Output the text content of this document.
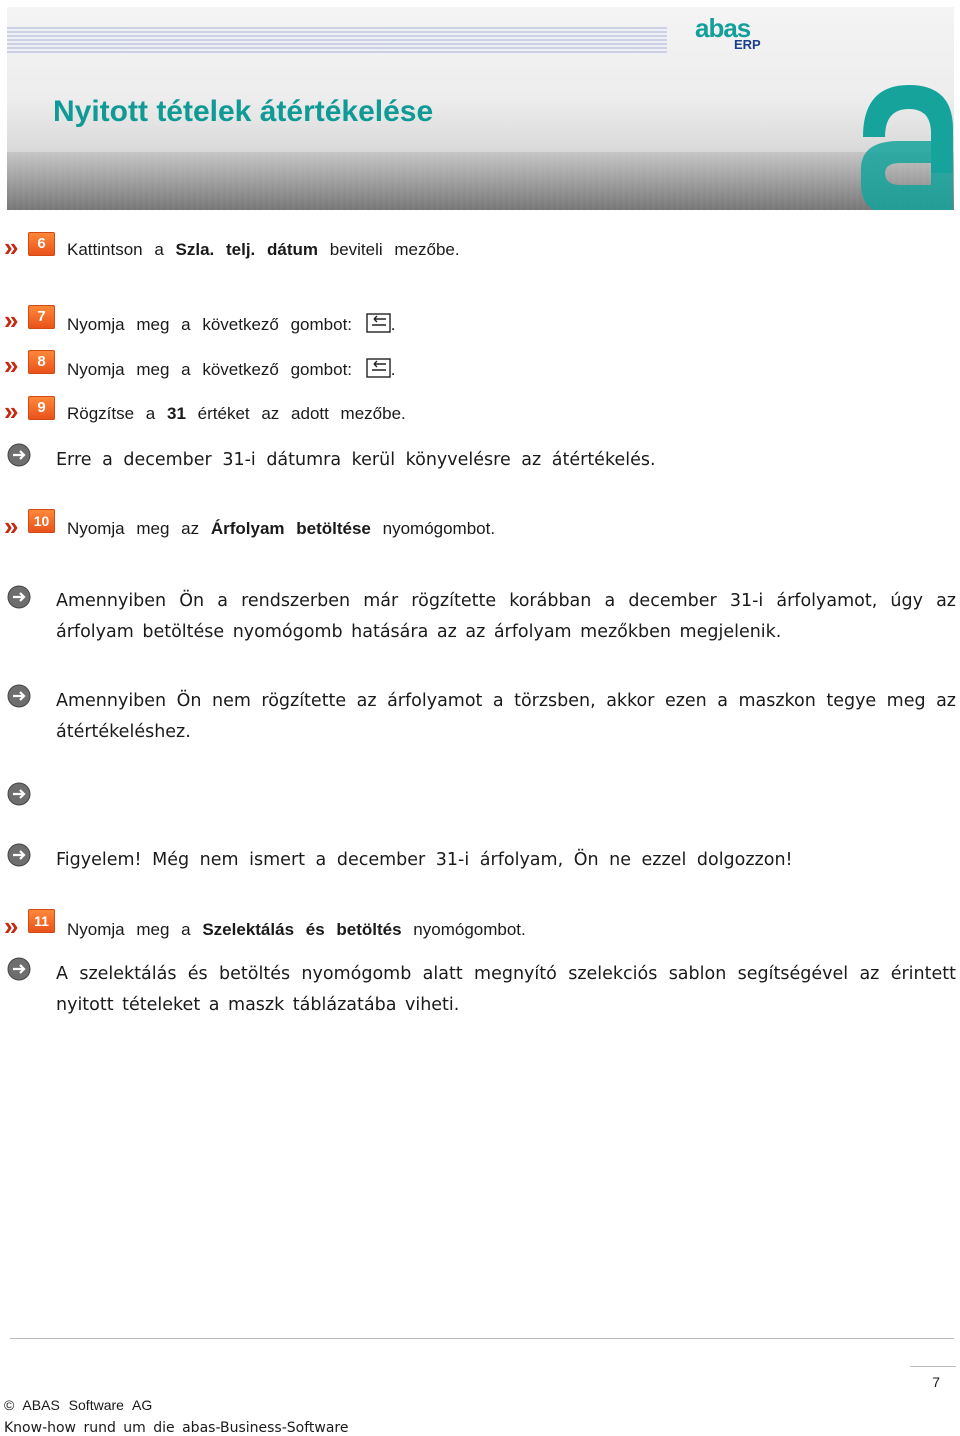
abas
ERP
Nyitott tételek átértékelése
»	6	Kattintson a Szla. telj. dátum beviteli mezőbe.
»	7	Nyomja meg a következő gombot: .
»	8	Nyomja meg a következő gombot: .
»	9	Rögzítse a 31 értéket az adott mezőbe.
Erre a december 31-i dátumra kerül könyvelésre az átértékelés.
»	10	Nyomja meg az Árfolyam betöltése nyomógombot.
Amennyiben Ön a rendszerben már rögzítette korábban a december 31-i árfolyamot, úgy az árfolyam betöltése nyomógomb hatására az az árfolyam mezőkben megjelenik.
Amennyiben Ön nem rögzítette az árfolyamot a törzsben, akkor ezen a maszkon tegye meg az átértékeléshez.
Figyelem! Még nem ismert a december 31-i árfolyam, Ön ne ezzel dolgozzon!
»	11	Nyomja meg a Szelektálás és betöltés nyomógombot.
A szelektálás és betöltés nyomógomb alatt megnyító szelekciós sablon segítségével az érintett nyitott tételeket a maszk táblázatába viheti.
7
© ABAS Software AG
Know-how rund um die abas-Business-Software
